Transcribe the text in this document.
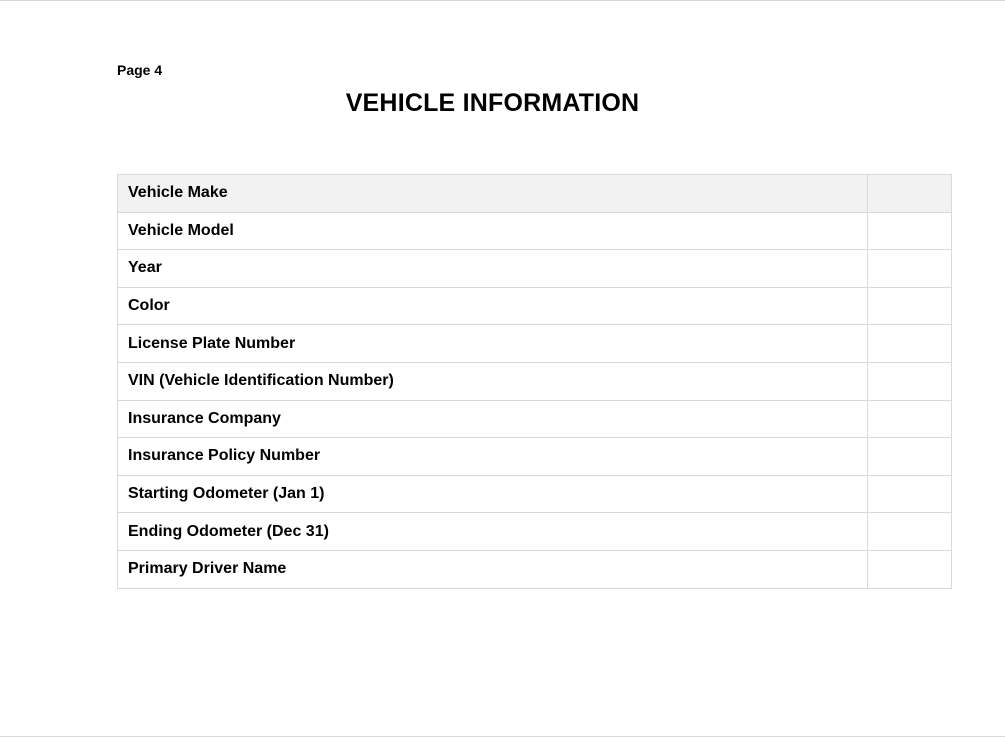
Page 4
VEHICLE INFORMATION
Vehicle Make	
Vehicle Model	
Year	
Color	
License Plate Number	
VIN (Vehicle Identification Number)	
Insurance Company	
Insurance Policy Number	
Starting Odometer (Jan 1)	
Ending Odometer (Dec 31)	
Primary Driver Name	
